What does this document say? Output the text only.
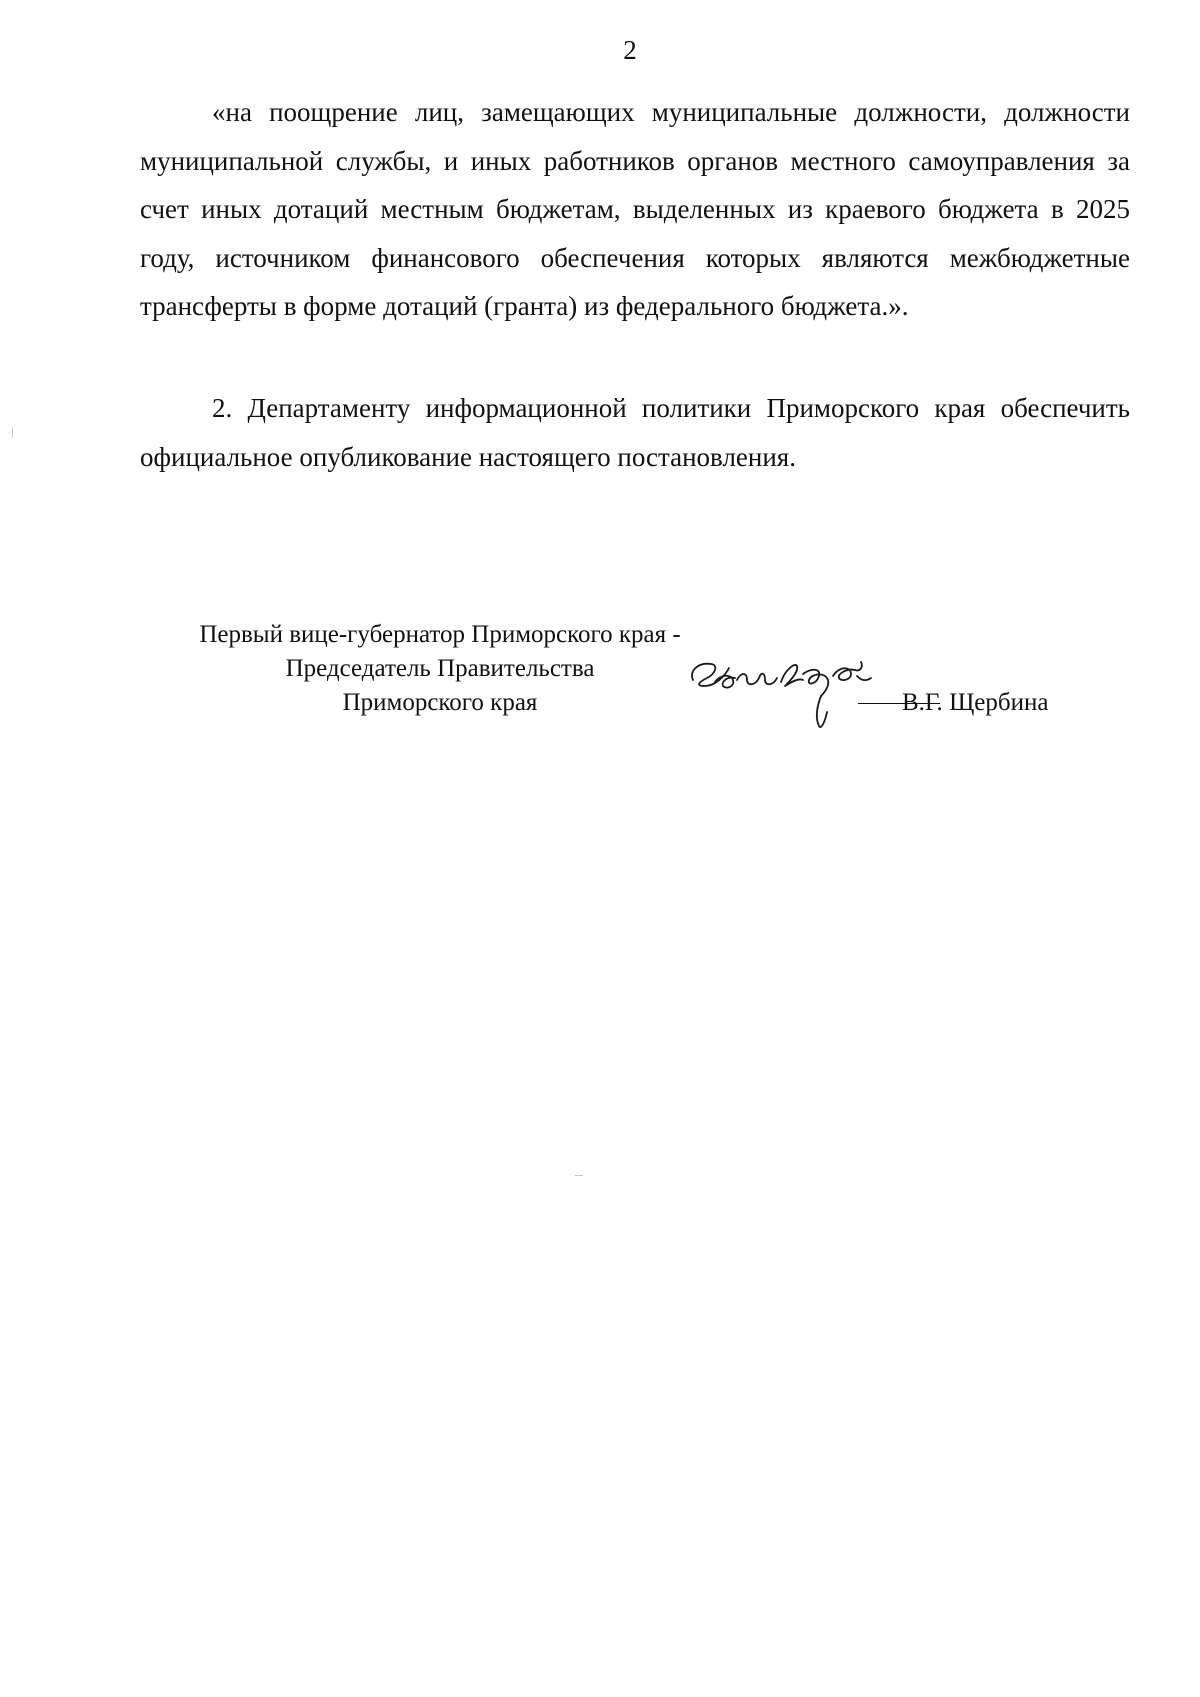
2

«на поощрение лиц, замещающих муниципальные должности, должности муниципальной службы, и иных работников органов местного самоуправления за счет иных дотаций местным бюджетам, выделенных из краевого бюджета в 2025 году, источником финансового обеспечения которых являются межбюджетные трансферты в форме дотаций (гранта) из федерального бюджета.».

2. Департаменту информационной политики Приморского края обеспечить официальное опубликование настоящего постановления.

Первый вице-губернатор Приморского края -
Председатель Правительства
Приморского края	В.Г. Щербина
